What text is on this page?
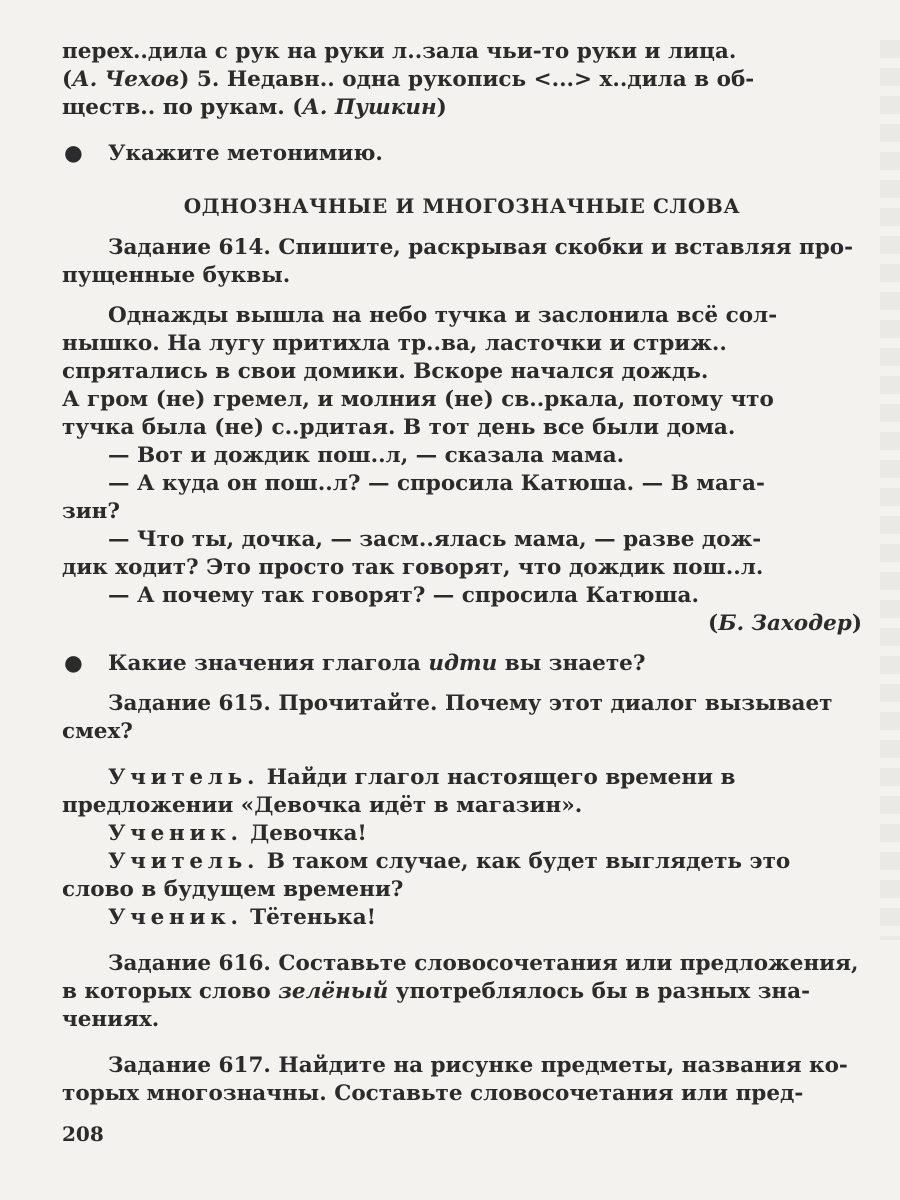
перех..дила с рук на руки л..зала чьи-то руки и лица.

(А. Чехов) 5. Недавн.. одна рукопись <...> х..дила в об-

ществ.. по рукам. (А. Пушкин)

● Укажите метонимию.

ОДНОЗНАЧНЫЕ И МНОГОЗНАЧНЫЕ СЛОВА

Задание 614. Спишите, раскрывая скобки и вставляя про-

пущенные буквы.

Однажды вышла на небо тучка и заслонила всё сол-

нышко. На лугу притихла тр..ва, ласточки и стриж..

спрятались в свои домики. Вскоре начался дождь.

А гром (не) гремел, и молния (не) св..ркала, потому что

тучка была (не) с..рдитая. В тот день все были дома.

— Вот и дождик пош..л, — сказала мама.

— А куда он пош..л? — спросила Катюша. — В мага-

зин?

— Что ты, дочка, — засм..ялась мама, — разве дож-

дик ходит? Это просто так говорят, что дождик пош..л.

— А почему так говорят? — спросила Катюша.

(Б. Заходер)

● Какие значения глагола идти вы знаете?

Задание 615. Прочитайте. Почему этот диалог вызывает

смех?

Учитель. Найди глагол настоящего времени в

предложении «Девочка идёт в магазин».

Ученик. Девочка!

Учитель. В таком случае, как будет выглядеть это

слово в будущем времени?

Ученик. Тётенька!

Задание 616. Составьте словосочетания или предложения,

в которых слово зелёный употреблялось бы в разных зна-

чениях.

Задание 617. Найдите на рисунке предметы, названия ко-

торых многозначны. Составьте словосочетания или пред-

208
